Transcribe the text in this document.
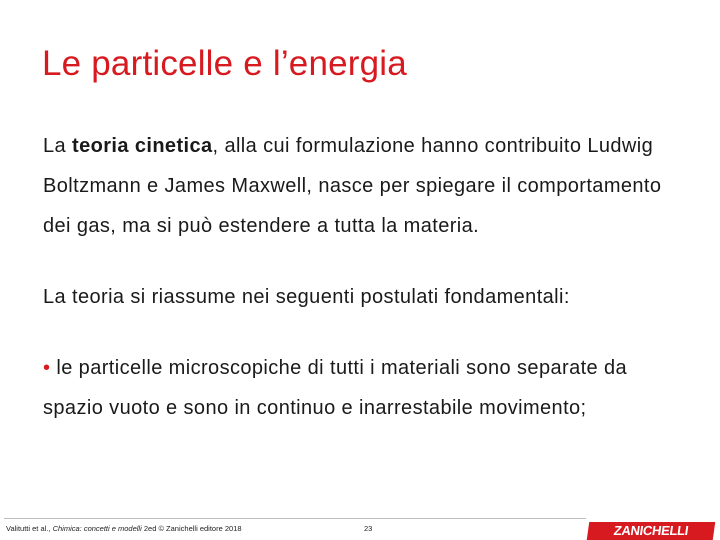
Le particelle e l’energia

La teoria cinetica, alla cui formulazione hanno contribuito Ludwig Boltzmann e James Maxwell, nasce per spiegare il comportamento dei gas, ma si può estendere a tutta la materia.

La teoria si riassume nei seguenti postulati fondamentali:

• le particelle microscopiche di tutti i materiali sono separate da spazio vuoto e sono in continuo e inarrestabile movimento;

Valitutti et al., Chimica: concetti e modelli 2ed © Zanichelli editore 2018	23	ZANICHELLI
